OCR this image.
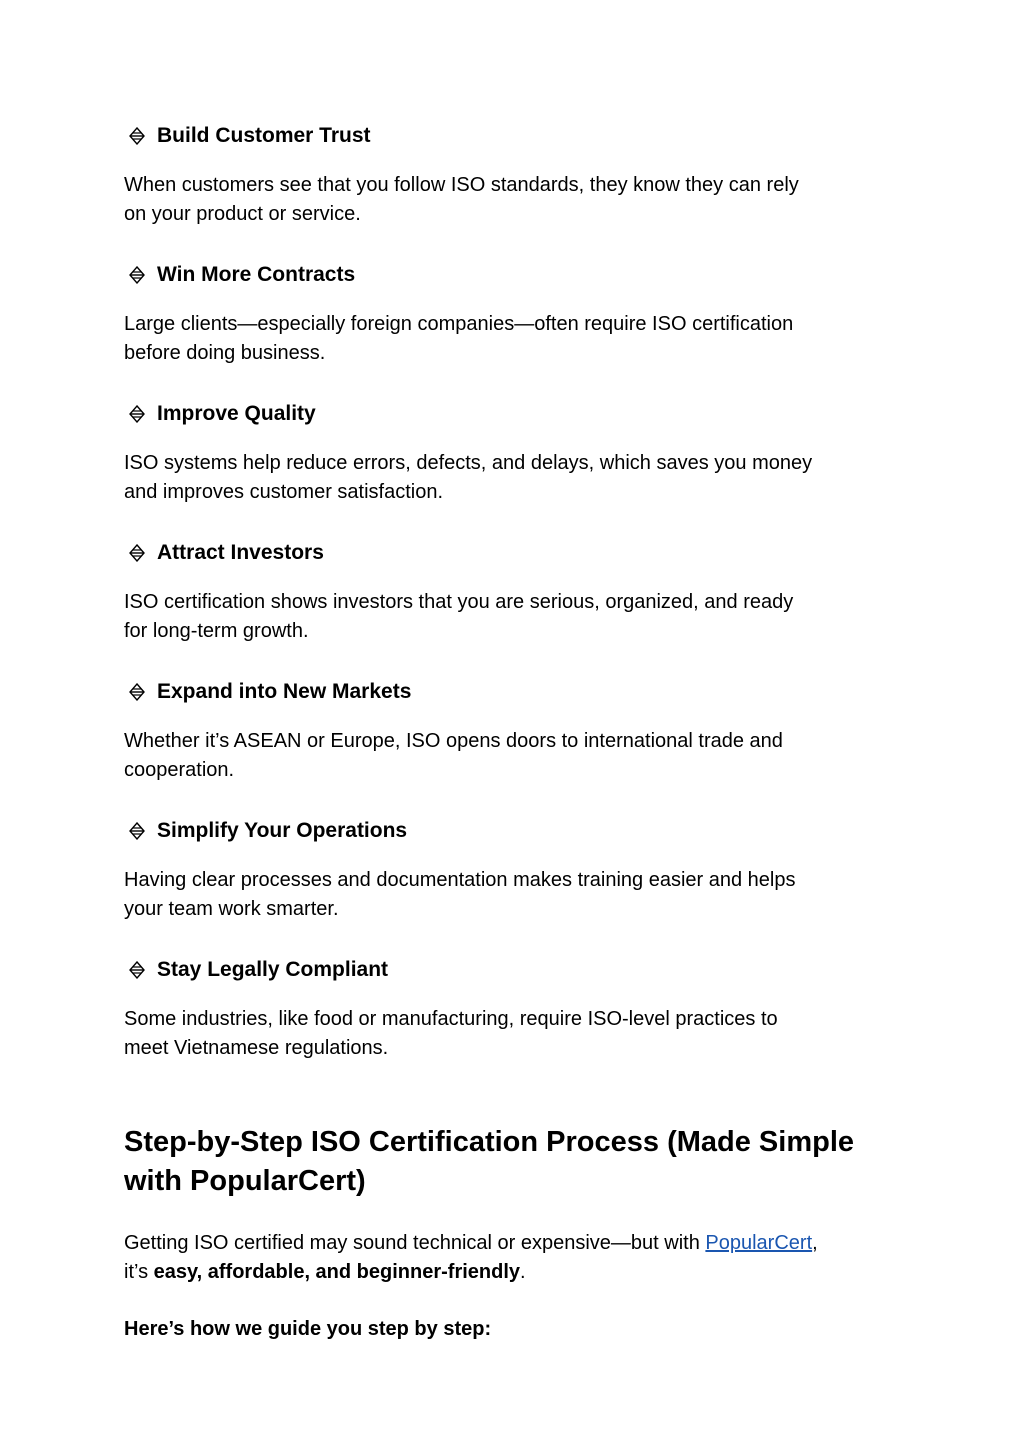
Build Customer Trust

When customers see that you follow ISO standards, they know they can rely
on your product or service.

Win More Contracts

Large clients—especially foreign companies—often require ISO certification
before doing business.

Improve Quality

ISO systems help reduce errors, defects, and delays, which saves you money
and improves customer satisfaction.

Attract Investors

ISO certification shows investors that you are serious, organized, and ready
for long-term growth.

Expand into New Markets

Whether it’s ASEAN or Europe, ISO opens doors to international trade and
cooperation.

Simplify Your Operations

Having clear processes and documentation makes training easier and helps
your team work smarter.

Stay Legally Compliant

Some industries, like food or manufacturing, require ISO-level practices to
meet Vietnamese regulations.

Step-by-Step ISO Certification Process (Made Simple
with PopularCert)

Getting ISO certified may sound technical or expensive—but with PopularCert,
it’s easy, affordable, and beginner-friendly.

Here’s how we guide you step by step:
